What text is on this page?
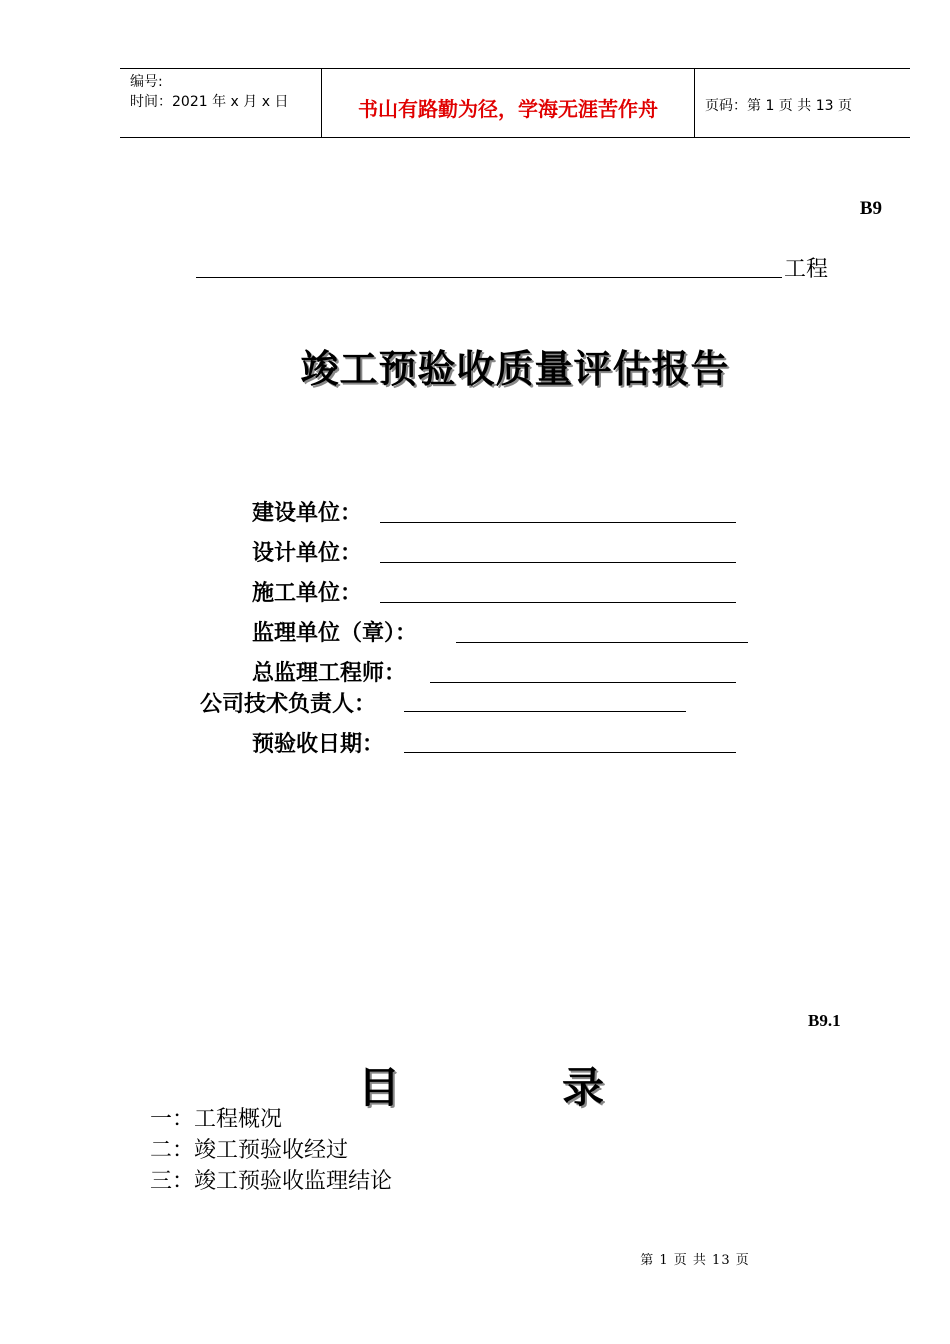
编号:
时间：2021 年 x 月 x 日	书山有路勤为径，学海无涯苦作舟	页码：第 1 页 共 13 页
B9
工程
竣工预验收质量评估报告
建设单位：
设计单位：
施工单位：
监理单位（章）：
总监理工程师：
公司技术负责人：
预验收日期：
B9.1
目	录
一：工程概况
二：竣工预验收经过
三：竣工预验收监理结论
第 1 页 共 13 页
